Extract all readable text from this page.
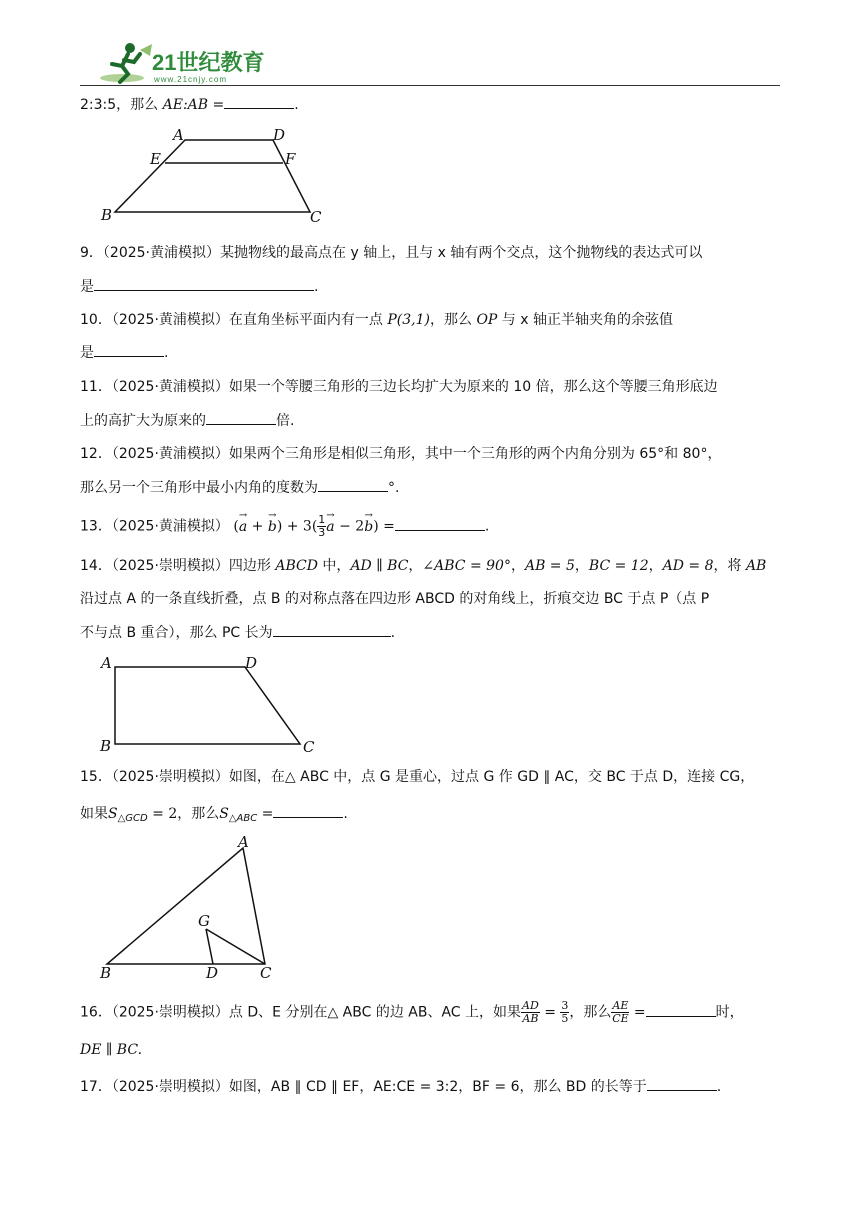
21世纪教育
www.21cnjy.com
2:3:5，那么 AE:AB =	.
A	D
E	F
B	C
9．（2025·黄浦模拟）某抛物线的最高点在 y 轴上，且与 x 轴有两个交点，这个抛物线的表达式可以
是	.
10．（2025·黄浦模拟）在直角坐标平面内有一点 P(3,1)，那么 OP 与 x 轴正半轴夹角的余弦值
是	.
11．（2025·黄浦模拟）如果一个等腰三角形的三边长均扩大为原来的 10 倍，那么这个等腰三角形底边
上的高扩大为原来的	倍.
12．（2025·黄浦模拟）如果两个三角形是相似三角形，其中一个三角形的两个内角分别为 65°和 80°，
那么另一个三角形中最小内角的度数为	°.
13．（2025·黄浦模拟） (→ a + → $b) + 3( \frac{1}{3}$
→ a − 2→ b) =	.
14．（2025·崇明模拟）四边形 ABCD 中，AD ∥ BC，∠ABC = 90°，AB = 5，BC = 12，AD = 8，将 AB
沿过点 A 的一条直线折叠，点 B 的对称点落在四边形 ABCD 的对角线上，折痕交边 BC 于点 P（点 P
不与点 B 重合），那么 PC 长为	.
A	D
B	C
15．（2025·崇明模拟）如图，在△ ABC 中，点 G 是重心，过点 G 作 GD ∥ AC，交 BC 于点 D，连接 CG，
如果$S_{\triangle GCD} = 2$，那么$S_{\triangle ABC}$ =	.
A
G
B	D	C
16．（2025·崇明模拟）点 D、E 分别在△ ABC 的边 AB、AC 上，如果 $\frac{AD}{AB} = \frac{3}{5}$ ，那么 $\frac{AE}{CE}$ =	时，
DE ∥ BC.
17．（2025·崇明模拟）如图，AB ∥ CD ∥ EF，AE:CE = 3:2，BF = 6，那么 BD 的长等于	.
